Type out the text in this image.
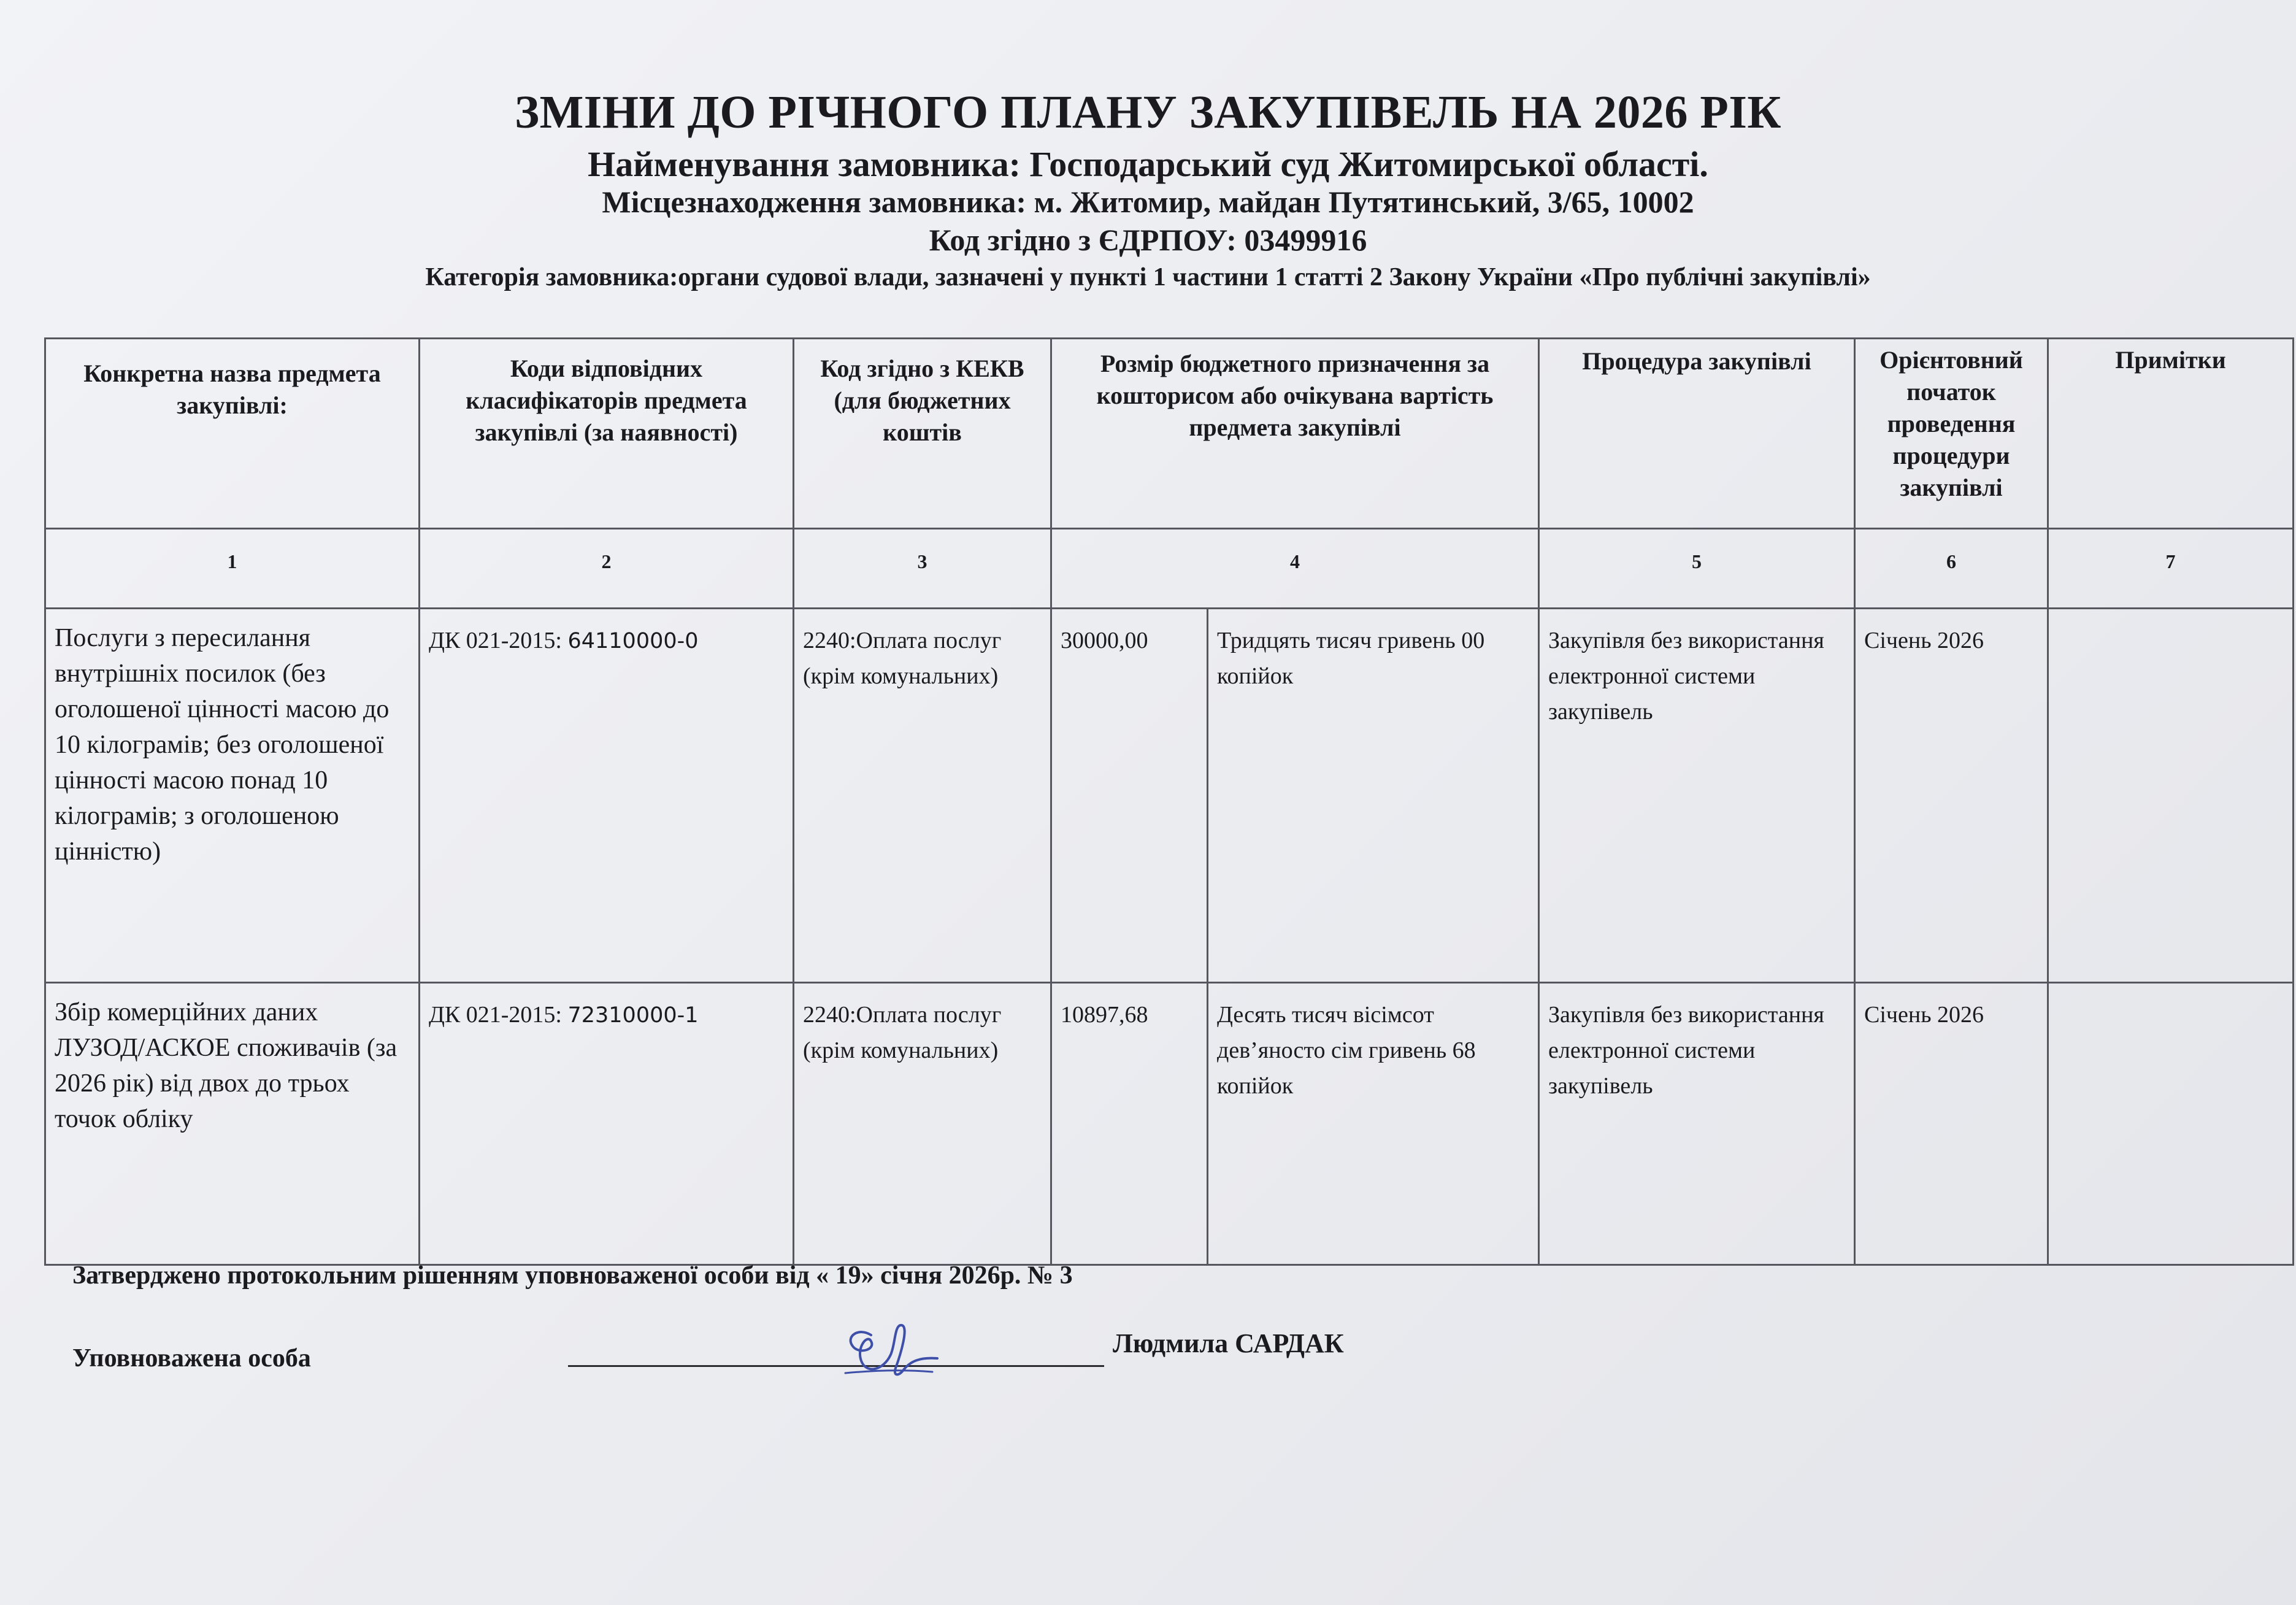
ЗМІНИ ДО РІЧНОГО ПЛАНУ ЗАКУПІВЕЛЬ НА 2026 РІК
Найменування замовника: Господарський суд Житомирської області.
Місцезнаходження замовника: м. Житомир, майдан Путятинський, 3/65, 10002
Код згідно з ЄДРПОУ: 03499916
Категорія замовника:органи судової влади, зазначені у пункті 1 частини 1 статті 2 Закону України «Про публічні закупівлі»
Конкретна назва предмета закупівлі:	Коди відповідних класифікаторів предмета закупівлі (за наявності)	Код згідно з КЕКВ (для бюджетних коштів	Розмір бюджетного призначення за кошторисом або очікувана вартість предмета закупівлі		Процедура закупівлі	Орієнтовний початок проведення процедури закупівлі	Примітки
1	2	3	4		5	6	7
Послуги з пересилання внутрішніх посилок (без оголошеної цінності масою до 10 кілограмів; без оголошеної цінності масою понад 10 кілограмів; з оголошеною цінністю)	ДК 021-2015: 64110000-0	2240:Оплата послуг (крім комунальних)	30000,00	Тридцять тисяч гривень 00 копійок	Закупівля без використання електронної системи закупівель	Січень 2026	
Збір комерційних даних ЛУЗОД/АСКОЕ споживачів (за 2026 рік) від двох до трьох точок обліку	ДК 021-2015: 72310000-1	2240:Оплата послуг (крім комунальних)	10897,68	Десять тисяч вісімсот дев’яносто сім гривень 68 копійок	Закупівля без використання електронної системи закупівель	Січень 2026	
Затверджено протокольним рішенням уповноваженої особи від « 19» січня 2026р. № 3
Уповноважена особа	Людмила САРДАК
